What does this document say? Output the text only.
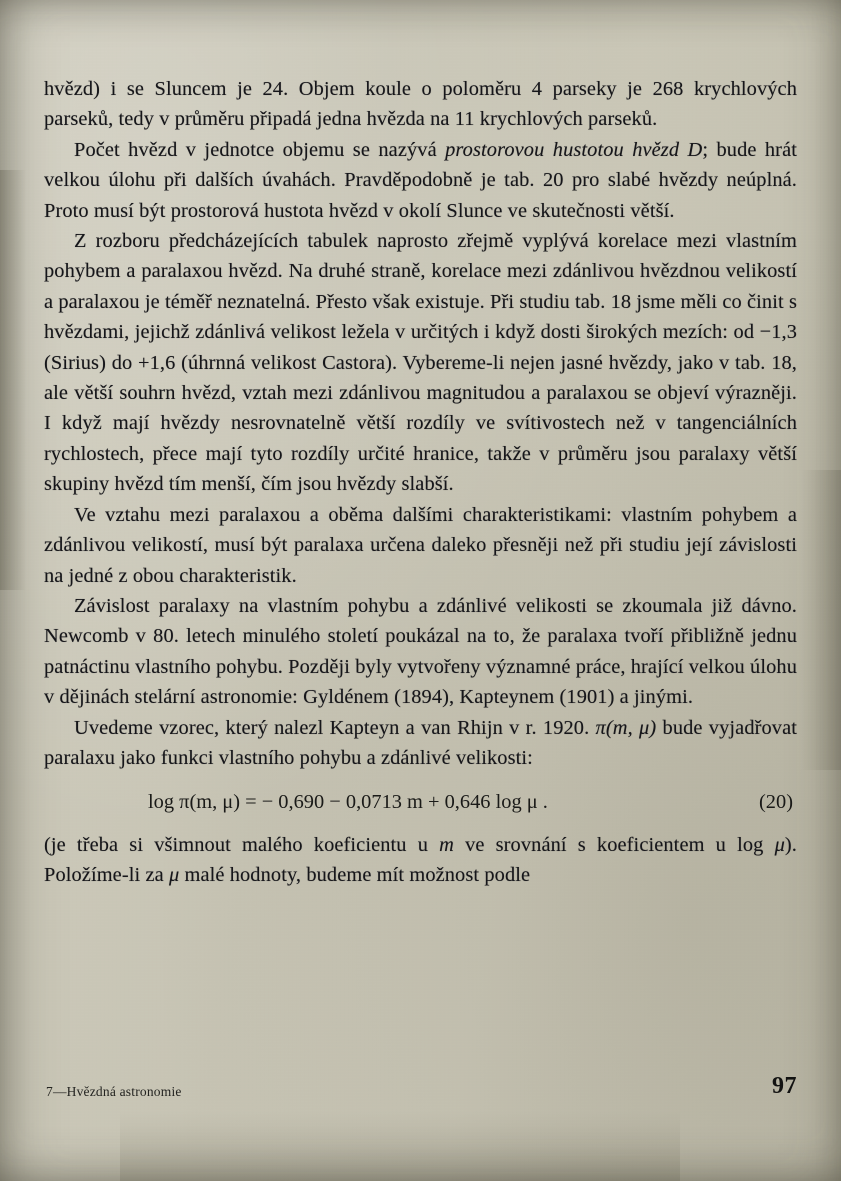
hvězd) i se Sluncem je 24. Objem koule o poloměru 4 parseky je 268 krychlových parseků, tedy v průměru připadá jedna hvězda na 11 krychlových parseků.

Počet hvězd v jednotce objemu se nazývá prostorovou hustotou hvězd D; bude hrát velkou úlohu při dalších úvahách. Pravděpodobně je tab. 20 pro slabé hvězdy neúplná. Proto musí být prostorová hustota hvězd v okolí Slunce ve skutečnosti větší.

Z rozboru předcházejících tabulek naprosto zřejmě vyplývá korelace mezi vlastním pohybem a paralaxou hvězd. Na druhé straně, korelace mezi zdánlivou hvězdnou velikostí a paralaxou je téměř neznatelná. Přesto však existuje. Při studiu tab. 18 jsme měli co činit s hvězdami, jejichž zdánlivá velikost ležela v určitých i když dosti širokých mezích: od −1,3 (Sirius) do +1,6 (úhrnná velikost Castora). Vybereme-li nejen jasné hvězdy, jako v tab. 18, ale větší souhrn hvězd, vztah mezi zdánlivou magnitudou a paralaxou se objeví výrazněji. I když mají hvězdy nesrovnatelně větší rozdíly ve svítivostech než v tangenciálních rychlostech, přece mají tyto rozdíly určité hranice, takže v průměru jsou paralaxy větší skupiny hvězd tím menší, čím jsou hvězdy slabší.

Ve vztahu mezi paralaxou a oběma dalšími charakteristikami: vlastním pohybem a zdánlivou velikostí, musí být paralaxa určena daleko přesněji než při studiu její závislosti na jedné z obou charakteristik.

Závislost paralaxy na vlastním pohybu a zdánlivé velikosti se zkoumala již dávno. Newcomb v 80. letech minulého století poukázal na to, že paralaxa tvoří přibližně jednu patnáctinu vlastního pohybu. Později byly vytvořeny významné práce, hrající velkou úlohu v dějinách stelární astronomie: Gyldénem (1894), Kapteynem (1901) a jinými.

Uvedeme vzorec, který nalezl Kapteyn a van Rhijn v r. 1920. π(m, μ) bude vyjadřovat paralaxu jako funkci vlastního pohybu a zdánlivé velikosti:

log π(m, μ) = − 0,690 − 0,0713 m + 0,646 log μ .	(20)

(je třeba si všimnout malého koeficientu u m ve srovnání s koeficientem u log μ). Položíme-li za μ malé hodnoty, budeme mít možnost podle

7—Hvězdná astronomie	97
